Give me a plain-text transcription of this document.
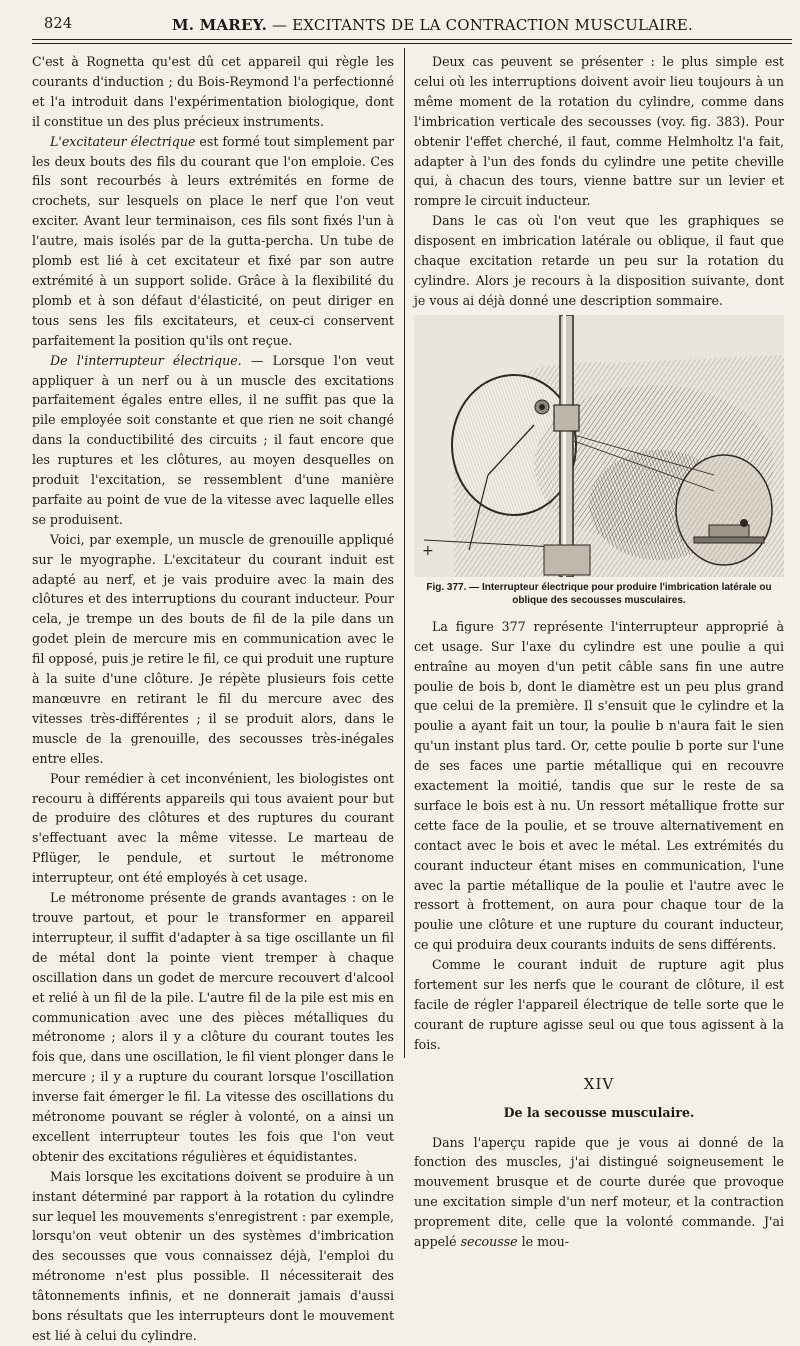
824	M. MAREY. — EXCITANTS DE LA CONTRACTION MUSCULAIRE.

C'est à Rognetta qu'est dû cet appareil qui règle les courants d'induction ; du Bois-Reymond l'a perfectionné et l'a introduit dans l'expérimentation biologique, dont il constitue un des plus précieux instruments.

L'excitateur électrique est formé tout simplement par les deux bouts des fils du courant que l'on emploie. Ces fils sont recourbés à leurs extrémités en forme de crochets, sur lesquels on place le nerf que l'on veut exciter. Avant leur terminaison, ces fils sont fixés l'un à l'autre, mais isolés par de la gutta-percha. Un tube de plomb est lié à cet excitateur et fixé par son autre extrémité à un support solide. Grâce à la flexibilité du plomb et à son défaut d'élasticité, on peut diriger en tous sens les fils excitateurs, et ceux-ci conservent parfaitement la position qu'ils ont reçue.

De l'interrupteur électrique. — Lorsque l'on veut appliquer à un nerf ou à un muscle des excitations parfaitement égales entre elles, il ne suffit pas que la pile employée soit constante et que rien ne soit changé dans la conductibilité des circuits ; il faut encore que les ruptures et les clôtures, au moyen desquelles on produit l'excitation, se ressemblent d'une manière parfaite au point de vue de la vitesse avec laquelle elles se produisent.

Voici, par exemple, un muscle de grenouille appliqué sur le myographe. L'excitateur du courant induit est adapté au nerf, et je vais produire avec la main des clôtures et des interruptions du courant inducteur. Pour cela, je trempe un des bouts de fil de la pile dans un godet plein de mercure mis en communication avec le fil opposé, puis je retire le fil, ce qui produit une rupture à la suite d'une clôture. Je répète plusieurs fois cette manœuvre en retirant le fil du mercure avec des vitesses très-différentes ; il se produit alors, dans le muscle de la grenouille, des secousses très-inégales entre elles.

Pour remédier à cet inconvénient, les biologistes ont recouru à différents appareils qui tous avaient pour but de produire des clôtures et des ruptures du courant s'effectuant avec la même vitesse. Le marteau de Pflüger, le pendule, et surtout le métronome interrupteur, ont été employés à cet usage.

Le métronome présente de grands avantages : on le trouve partout, et pour le transformer en appareil interrupteur, il suffit d'adapter à sa tige oscillante un fil de métal dont la pointe vient tremper à chaque oscillation dans un godet de mercure recouvert d'alcool et relié à un fil de la pile. L'autre fil de la pile est mis en communication avec une des pièces métalliques du métronome ; alors il y a clôture du courant toutes les fois que, dans une oscillation, le fil vient plonger dans le mercure ; il y a rupture du courant lorsque l'oscillation inverse fait émerger le fil. La vitesse des oscillations du métronome pouvant se régler à volonté, on a ainsi un excellent interrupteur toutes les fois que l'on veut obtenir des excitations régulières et équidistantes.

Mais lorsque les excitations doivent se produire à un instant déterminé par rapport à la rotation du cylindre sur lequel les mouvements s'enregistrent : par exemple, lorsqu'on veut obtenir un des systèmes d'imbrication des secousses que vous connaissez déjà, l'emploi du métronome n'est plus possible. Il nécessiterait des tâtonnements infinis, et ne donnerait jamais d'aussi bons résultats que les interrupteurs dont le mouvement est lié à celui du cylindre.

Deux cas peuvent se présenter : le plus simple est celui où les interruptions doivent avoir lieu toujours à un même moment de la rotation du cylindre, comme dans l'imbrication verticale des secousses (voy. fig. 383). Pour obtenir l'effet cherché, il faut, comme Helmholtz l'a fait, adapter à l'un des fonds du cylindre une petite cheville qui, à chacun des tours, vienne battre sur un levier et rompre le circuit inducteur.

Dans le cas où l'on veut que les graphiques se disposent en imbrication latérale ou oblique, il faut que chaque excitation retarde un peu sur la rotation du cylindre. Alors je recours à la disposition suivante, dont je vous ai déjà donné une description sommaire.

+
Fig. 377. — Interrupteur électrique pour produire l'imbrication latérale ou oblique des secousses musculaires.

La figure 377 représente l'interrupteur approprié à cet usage. Sur l'axe du cylindre est une poulie a qui entraîne au moyen d'un petit câble sans fin une autre poulie de bois b, dont le diamètre est un peu plus grand que celui de la première. Il s'ensuit que le cylindre et la poulie a ayant fait un tour, la poulie b n'aura fait le sien qu'un instant plus tard. Or, cette poulie b porte sur l'une de ses faces une partie métallique qui en recouvre exactement la moitié, tandis que sur le reste de sa surface le bois est à nu. Un ressort métallique frotte sur cette face de la poulie, et se trouve alternativement en contact avec le bois et avec le métal. Les extrémités du courant inducteur étant mises en communication, l'une avec la partie métallique de la poulie et l'autre avec le ressort à frottement, on aura pour chaque tour de la poulie une clôture et une rupture du courant inducteur, ce qui produira deux courants induits de sens différents.

Comme le courant induit de rupture agit plus fortement sur les nerfs que le courant de clôture, il est facile de régler l'appareil électrique de telle sorte que le courant de rupture agisse seul ou que tous agissent à la fois.

XIV
De la secousse musculaire.

Dans l'aperçu rapide que je vous ai donné de la fonction des muscles, j'ai distingué soigneusement le mouvement brusque et de courte durée que provoque une excitation simple d'un nerf moteur, et la contraction proprement dite, celle que la volonté commande. J'ai appelé secousse le mou-
